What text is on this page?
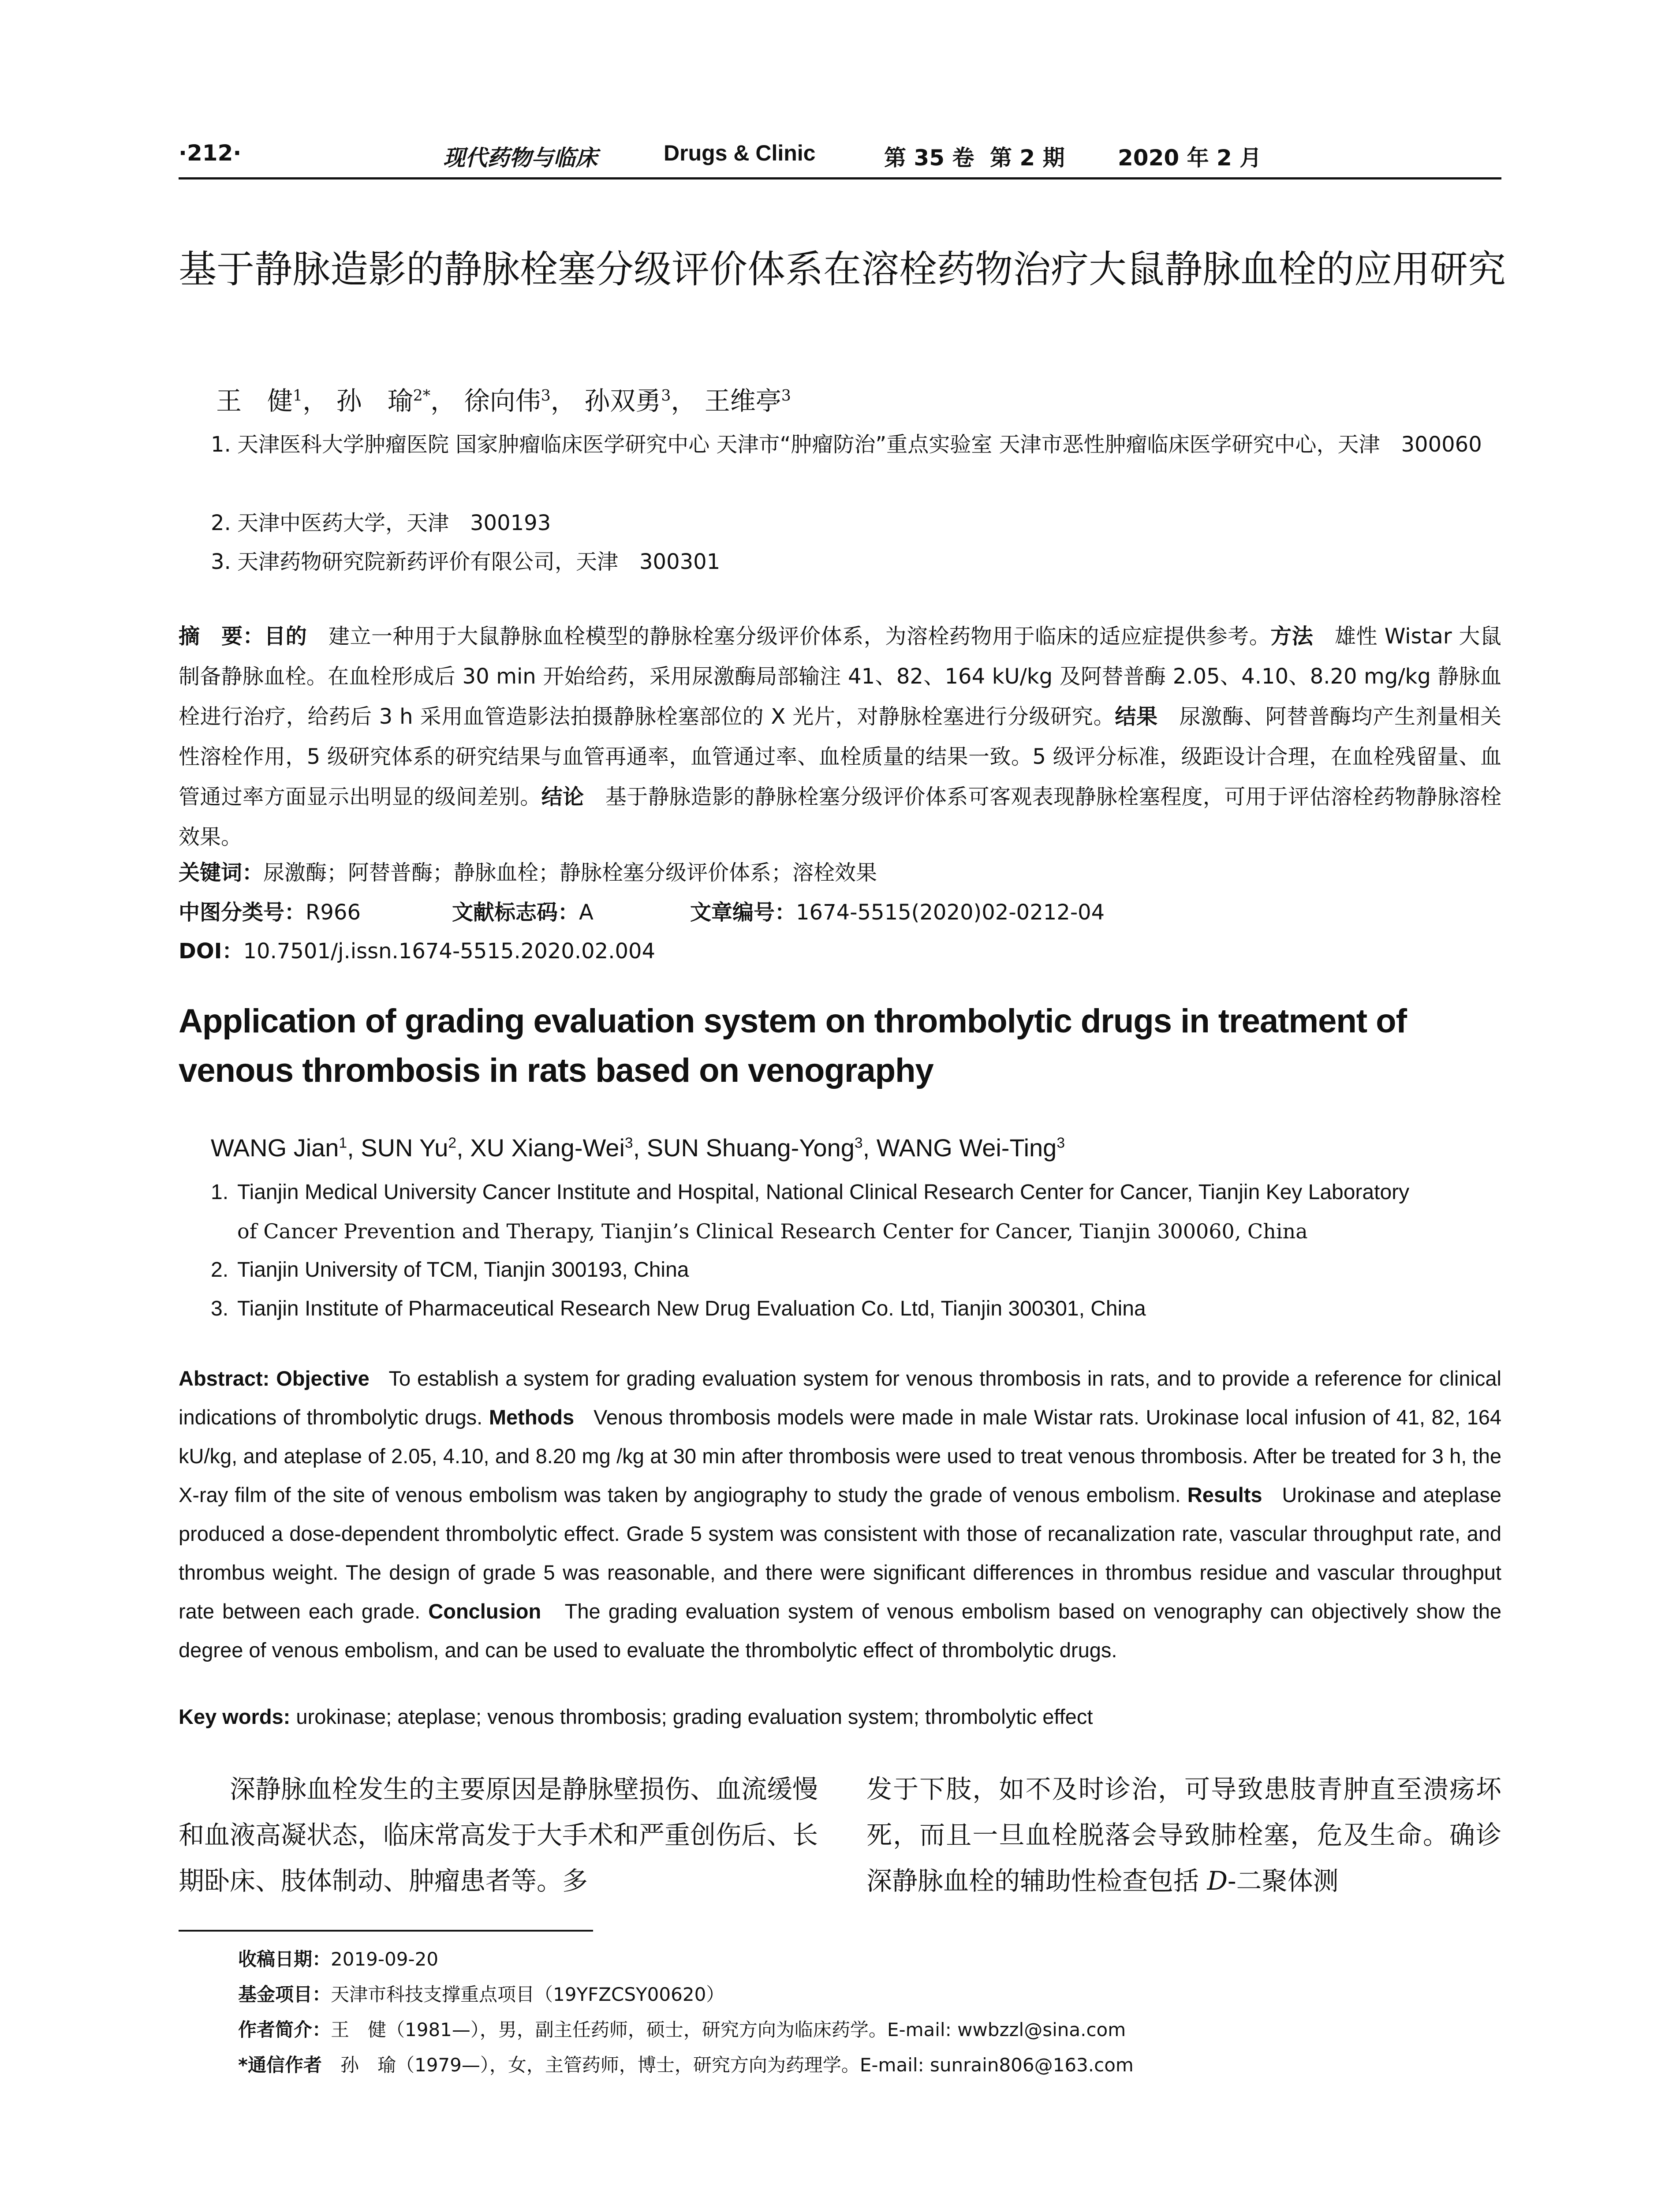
·212·	现代药物与临床	Drugs & Clinic	第 35 卷 第 2 期 2020 年 2 月
基于静脉造影的静脉栓塞分级评价体系在溶栓药物治疗大鼠静脉血栓的应用研究
王　健$^1$， 孙　瑜$^{2*}$， 徐向伟$^3$， 孙双勇$^3$， 王维亭$^3$
1. 天津医科大学肿瘤医院 国家肿瘤临床医学研究中心 天津市“肿瘤防治”重点实验室 天津市恶性肿瘤临床医学研究中心，天津　300060
2. 天津中医药大学，天津　300193
3. 天津药物研究院新药评价有限公司，天津　300301
摘　要：目的　 建立一种用于大鼠静脉血栓模型的静脉栓塞分级评价体系，为溶栓药物用于临床的适应症提供参考。方法　 雄性 Wistar 大鼠制备静脉血栓。在血栓形成后 30 min 开始给药，采用尿激酶局部输注 41、82、164 kU/kg 及阿替普酶 2.05、4.10、8.20 mg/kg 静脉血栓进行治疗，给药后 3 h 采用血管造影法拍摄静脉栓塞部位的 X 光片，对静脉栓塞进行分级研究。结果　 尿激酶、阿替普酶均产生剂量相关性溶栓作用，5 级研究体系的研究结果与血管再通率，血管通过率、血栓质量的结果一致。5 级评分标准，级距设计合理，在血栓残留量、血管通过率方面显示出明显的级间差别。结论　 基于静脉造影的静脉栓塞分级评价体系可客观表现静脉栓塞程度，可用于评估溶栓药物静脉溶栓效果。
关键词：尿激酶；阿替普酶；静脉血栓；静脉栓塞分级评价体系；溶栓效果
中图分类号：R966	文献标志码：A	文章编号：1674-5515(2020)02-0212-04
DOI：10.7501/j.issn.1674-5515.2020.02.004
Application of grading evaluation system on thrombolytic drugs in treatment of venous thrombosis in rats based on venography
WANG Jian$^1$, SUN Yu$^2$, XU Xiang-Wei$^3$, SUN Shuang-Yong$^3$, WANG Wei-Ting$^3$
1. Tianjin Medical University Cancer Institute and Hospital, National Clinical Research Center for Cancer, Tianjin Key Laboratory
of Cancer Prevention and Therapy, Tianjin’s Clinical Research Center for Cancer, Tianjin 300060, China
2. Tianjin University of TCM, Tianjin 300193, China
3. Tianjin Institute of Pharmaceutical Research New Drug Evaluation Co. Ltd, Tianjin 300301, China
Abstract: Objective To establish a system for grading evaluation system for venous thrombosis in rats, and to provide a reference for clinical indications of thrombolytic drugs. Methods Venous thrombosis models were made in male Wistar rats. Urokinase local infusion of 41, 82, 164 kU/kg, and ateplase of 2.05, 4.10, and 8.20 mg /kg at 30 min after thrombosis were used to treat venous thrombosis. After be treated for 3 h, the X-ray film of the site of venous embolism was taken by angiography to study the grade of venous embolism. Results Urokinase and ateplase produced a dose-dependent thrombolytic effect. Grade 5 system was consistent with those of recanalization rate, vascular throughput rate, and thrombus weight. The design of grade 5 was reasonable, and there were significant differences in thrombus residue and vascular throughput rate between each grade. Conclusion The grading evaluation system of venous embolism based on venography can objectively show the degree of venous embolism, and can be used to evaluate the thrombolytic effect of thrombolytic drugs.
Key words: urokinase; ateplase; venous thrombosis; grading evaluation system; thrombolytic effect
深静脉血栓发生的主要原因是静脉壁损伤、血流缓慢和血液高凝状态，临床常高发于大手术和严重创伤后、长期卧床、肢体制动、肿瘤患者等。多
发于下肢，如不及时诊治，可导致患肢青肿直至溃疡坏死，而且一旦血栓脱落会导致肺栓塞，危及生命。确诊深静脉血栓的辅助性检查包括 D-二聚体测
收稿日期：2019-09-20
基金项目：天津市科技支撑重点项目（19YFZCSY00620）
作者简介：王　健（1981—），男，副主任药师，硕士，研究方向为临床药学。E-mail: wwbzzl@sina.com
*通信作者　孙　瑜（1979—），女，主管药师，博士，研究方向为药理学。E-mail: sunrain806@163.com
